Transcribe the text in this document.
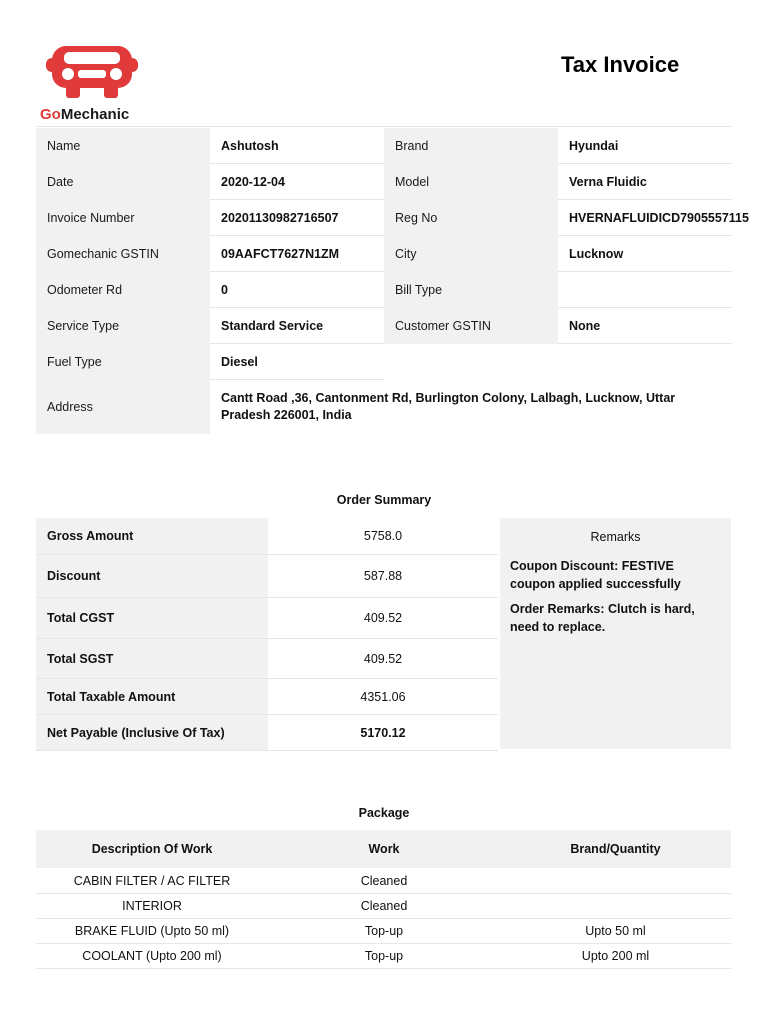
GoMechanic
Tax Invoice
Name	Ashutosh	Brand	Hyundai
Date	2020-12-04	Model	Verna Fluidic
Invoice Number	20201130982716507	Reg No	HVERNAFLUIDICD7905557115
Gomechanic GSTIN	09AAFCT7627N1ZM	City	Lucknow
Odometer Rd	0	Bill Type
Service Type	Standard Service	Customer GSTIN	None
Fuel Type	Diesel
Address
Cantt Road ,36, Cantonment Rd, Burlington Colony, Lalbagh, Lucknow, Uttar Pradesh 226001, India
Order Summary
Gross Amount	5758.0
Discount	587.88
Total CGST	409.52
Total SGST	409.52
Total Taxable Amount	4351.06
Net Payable (Inclusive Of Tax)	5170.12
Remarks
Coupon Discount: FESTIVE coupon applied successfully
Order Remarks: Clutch is hard, need to replace.
Package
Description Of Work	Work	Brand/Quantity
CABIN FILTER / AC FILTER	Cleaned
INTERIOR	Cleaned
BRAKE FLUID (Upto 50 ml)	Top-up	Upto 50 ml
COOLANT (Upto 200 ml)	Top-up	Upto 200 ml
